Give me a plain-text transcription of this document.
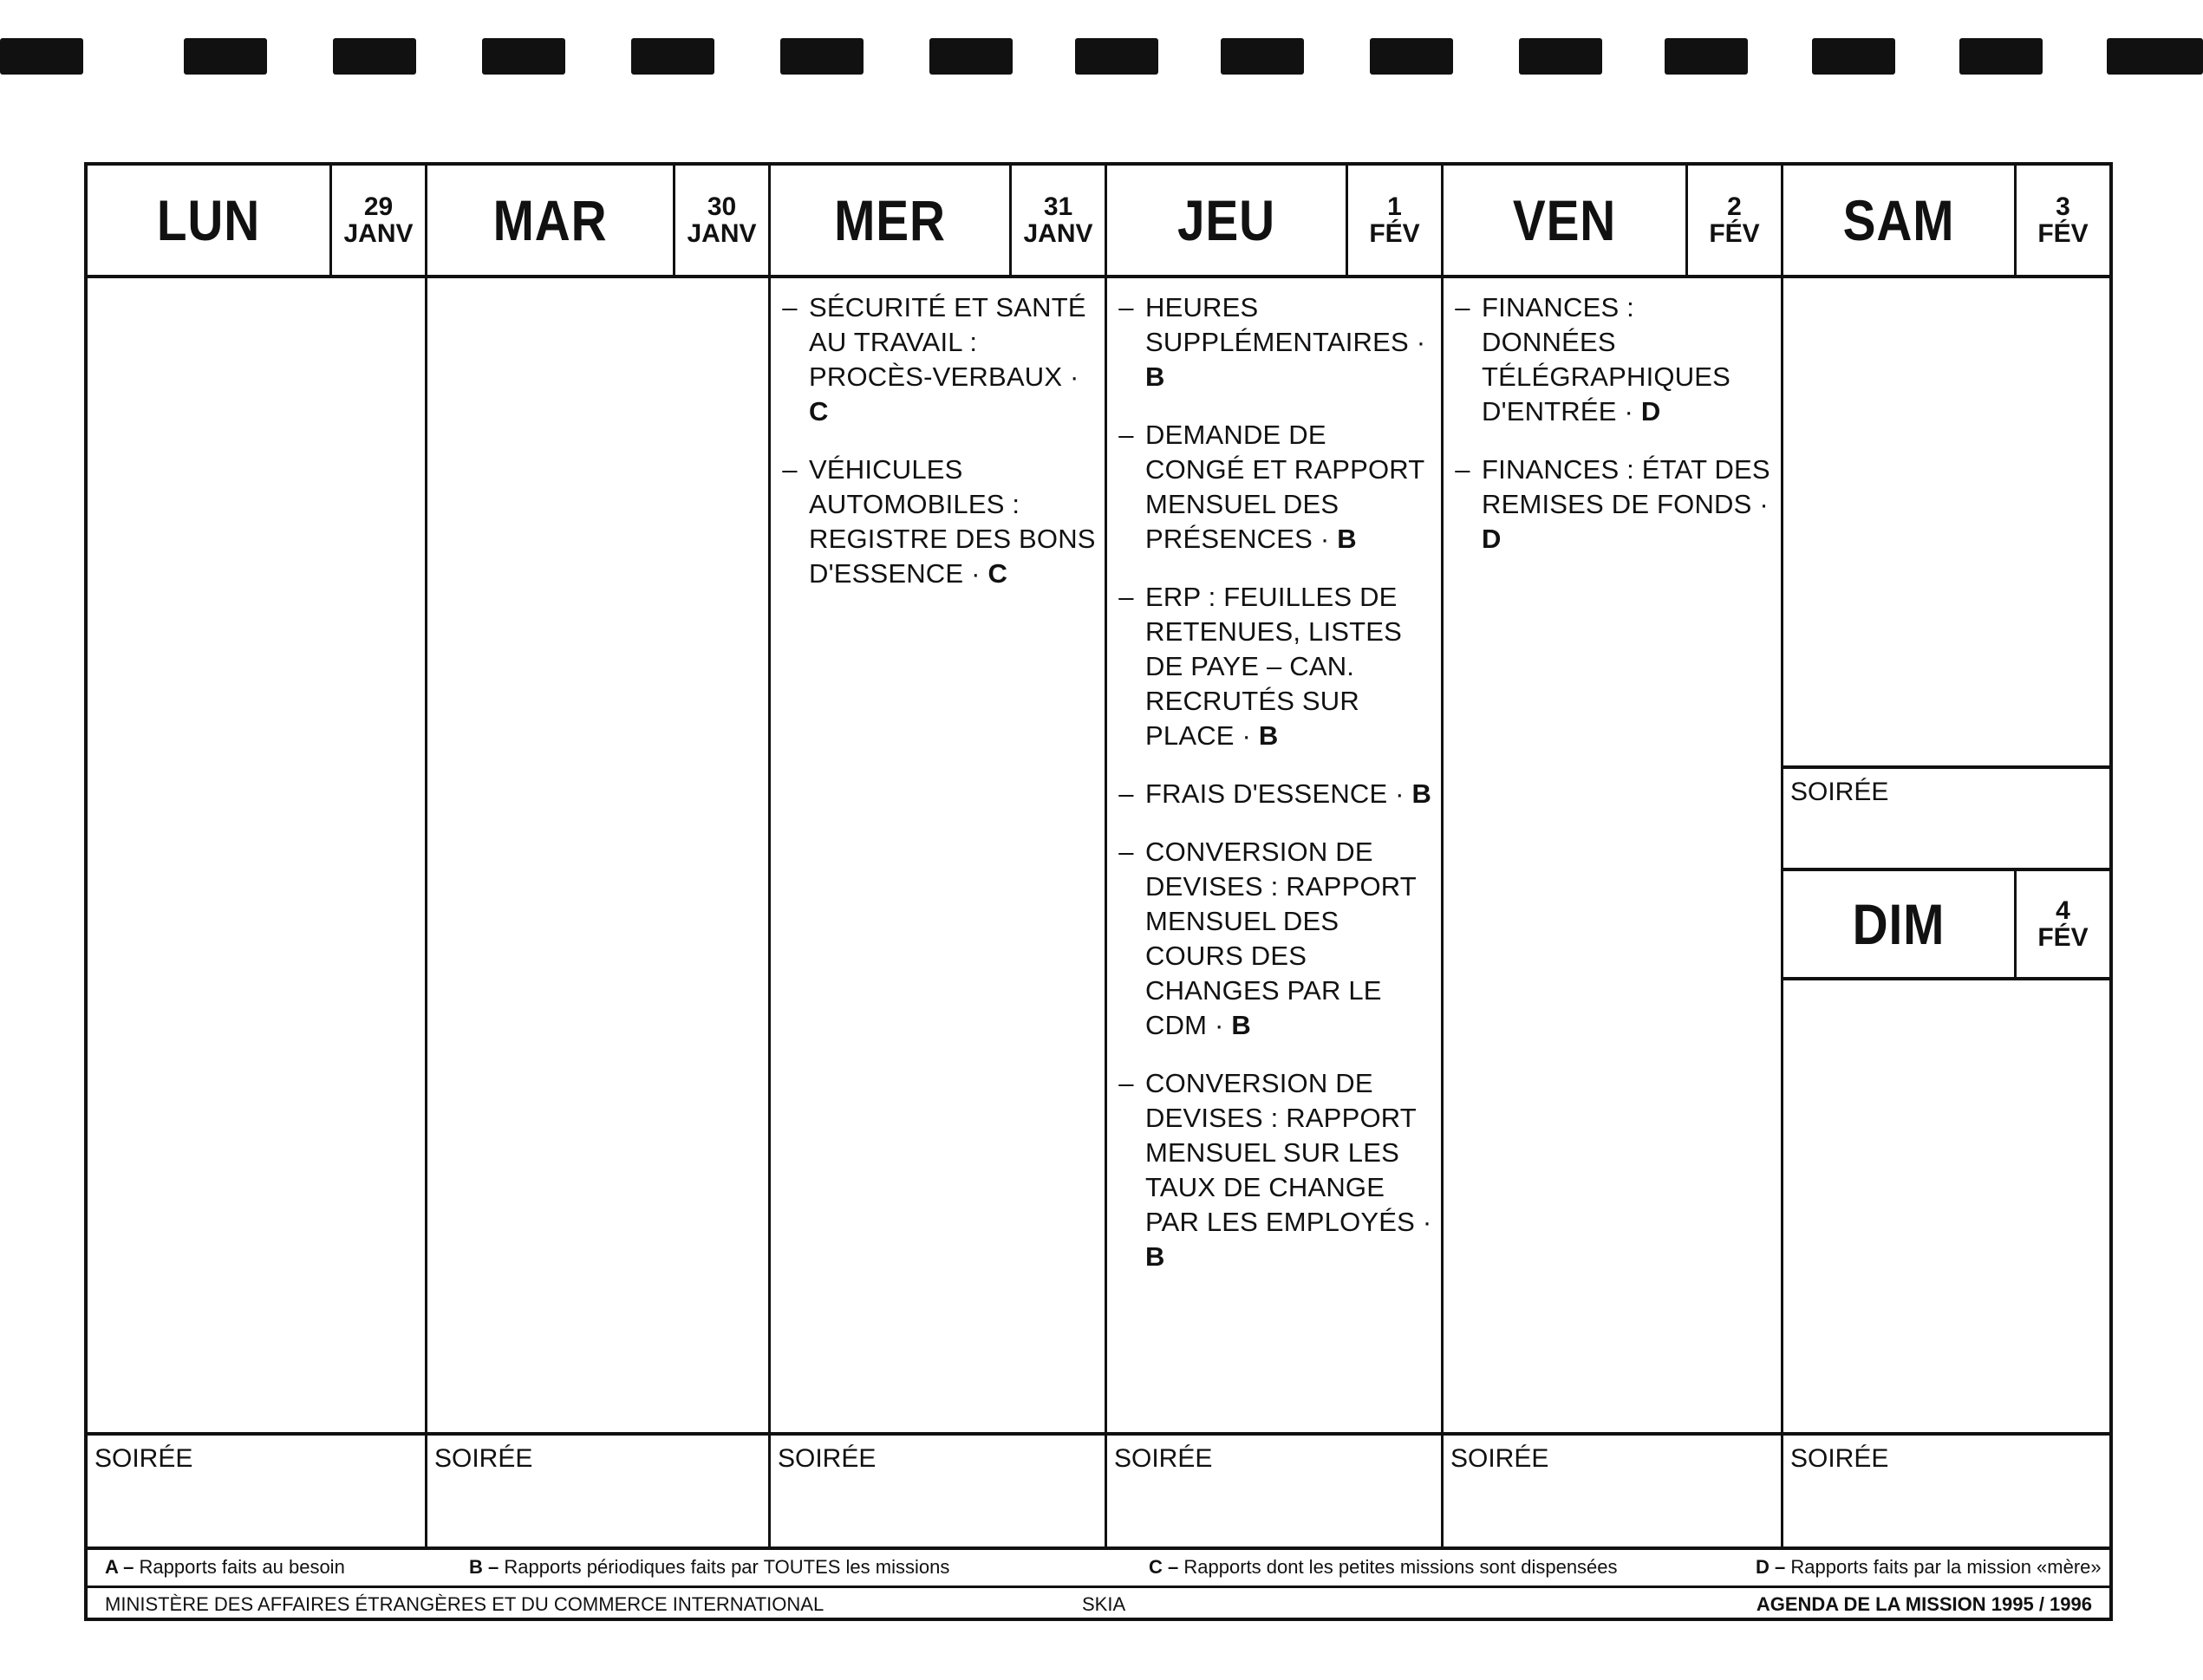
LUN	29
JANV
SOIRÉE
MAR	30
JANV
SOIRÉE
MER	31
JANV
– SÉCURITÉ ET SANTÉ AU TRAVAIL : PROCÈS-VERBAUX · C
– VÉHICULES AUTOMOBILES : REGISTRE DES BONS D'ESSENCE · C
SOIRÉE
JEU	1
FÉV
– HEURES SUPPLÉMENTAIRES · B
– DEMANDE DE CONGÉ ET RAPPORT MENSUEL DES PRÉSENCES · B
– ERP : FEUILLES DE RETENUES, LISTES DE PAYE – CAN. RECRUTÉS SUR PLACE · B
– FRAIS D'ESSENCE · B
– CONVERSION DE DEVISES : RAPPORT MENSUEL DES COURS DES CHANGES PAR LE CDM · B
– CONVERSION DE DEVISES : RAPPORT MENSUEL SUR LES TAUX DE CHANGE PAR LES EMPLOYÉS · B
SOIRÉE
VEN	2
FÉV
– FINANCES : DONNÉES TÉLÉGRAPHIQUES D'ENTRÉE · D
– FINANCES : ÉTAT DES REMISES DE FONDS · D
SOIRÉE
SAM	3
FÉV
SOIRÉE
DIM	4
FÉV
SOIRÉE
A – Rapports faits au besoin	B – Rapports périodiques faits par TOUTES les missions	C – Rapports dont les petites missions sont dispensées	D – Rapports faits par la mission «mère»
MINISTÈRE DES AFFAIRES ÉTRANGÈRES ET DU COMMERCE INTERNATIONAL	SKIA	AGENDA DE LA MISSION 1995 / 1996
